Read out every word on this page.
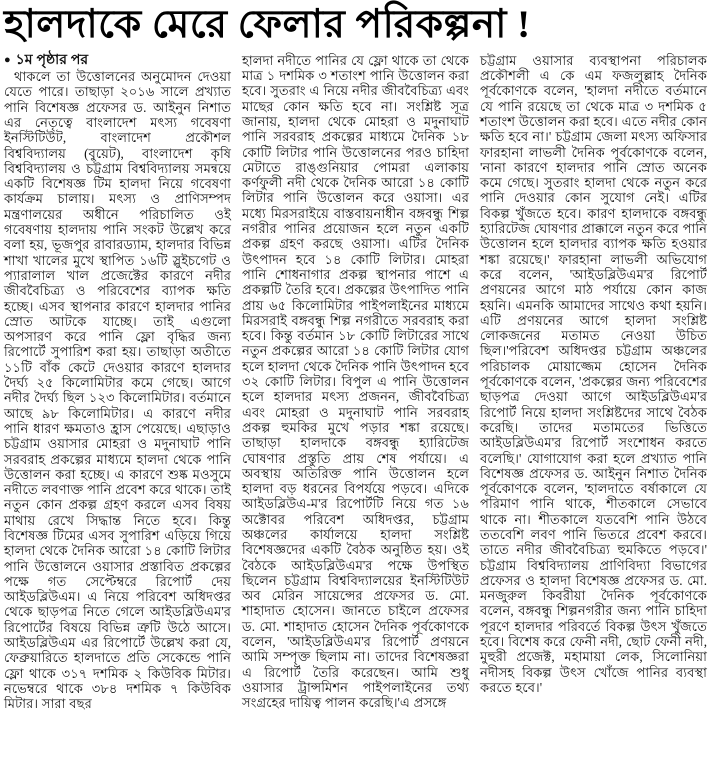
হালদাকে মেরে ফেলার পরিকল্পনা !
● ১ম পৃষ্ঠার পর

থাকলে তা উত্তোলনের অনুমোদন দেওয়া যেতে পারে। তাছাড়া ২০১৬ সালে প্রখ্যাত পানি বিশেষজ্ঞ প্রফেসর ড. আইনুন নিশাত এর নেতৃত্বে বাংলাদেশ মৎস্য গবেষণা ইনস্টিটিউট, বাংলাদেশ প্রকৌশল বিশ্ববিদ্যালয় (বুয়েট), বাংলাদেশ কৃষি বিশ্ববিদ্যালয় ও চট্টগ্রাম বিশ্ববিদ্যালয় সমন্বয়ে একটি বিশেষজ্ঞ টিম হালদা নিয়ে গবেষণা কার্যক্রম চালায়। মৎস্য ও প্রাণিসম্পদ মন্ত্রণালয়ের অধীনে পরিচালিত ওই গবেষণায় হালদায় পানি সংকট উল্লেখ করে বলা হয়, ভূজপুর রাবারড্যাম, হালদার বিভিন্ন শাখা খালের মুখে স্থাপিত ১৬টি স্লুইচগেট ও প্যারালাল খাল প্রজেক্টের কারণে নদীর জীববৈচিত্র্য ও পরিবেশের ব্যাপক ক্ষতি হচ্ছে। এসব স্থাপনার কারণে হালদার পানির স্রোত আটকে যাচ্ছে। তাই এগুলো অপসারণ করে পানি ফ্লো বৃদ্ধির জন্য রিপোর্টে সুপারিশ করা হয়। তাছাড়া অতীতে ১১টি বাঁক কেটে দেওয়ার কারণে হালদার দৈর্ঘ্য ২৫ কিলোমিটার কমে গেছে। আগে নদীর দৈর্ঘ্য ছিল ১২৩ কিলোমিটার। বর্তমানে আছে ৯৮ কিলোমিটার। এ কারণে নদীর পানি ধারণ ক্ষমতাও হ্রাস পেয়েছে। এছাড়াও চট্টগ্রাম ওয়াসার মোহরা ও মদুনাঘাট পানি সরবরাহ প্রকল্পের মাধ্যমে হালদা থেকে পানি উত্তোলন করা হচ্ছে। এ কারণে শুষ্ক মওসুমে নদীতে লবণাক্ত পানি প্রবেশ করে থাকে। তাই নতুন কোন প্রকল্প গ্রহণ করলে এসব বিষয় মাথায় রেখে সিদ্ধান্ত নিতে হবে। কিন্তু বিশেষজ্ঞ টিমের এসব সুপারিশ এড়িয়ে গিয়ে হালদা থেকে দৈনিক আরো ১৪ কোটি লিটার পানি উত্তোলনে ওয়াসার প্রস্তাবিত প্রকল্পের পক্ষে গত সেপ্টেম্বরে রিপোর্ট দেয় আইডব্লিউএম। এ নিয়ে পরিবেশ অধিদপ্তর থেকে ছাড়পত্র নিতে গেলে আইডব্লিউএম'র রিপোর্টের বিষয়ে বিভিন্ন ত্রুটি উঠে আসে। আইডব্লিউএম এর রিপোর্টে উল্লেখ করা যে, ফেব্রুয়ারিতে হালদাতে প্রতি সেকেন্ডে পানি ফ্লো থাকে ৩১৭ দশমিক ২ কিউবিক মিটার। নভেম্বরে থাকে ৩৮৪ দশমিক ৭ কিউবিক মিটার। সারা বছর

হালদা নদীতে পানির যে ফ্লো থাকে তা থেকে মাত্র ১ দশমিক ৩ শতাংশ পানি উত্তোলন করা হবে। সুতরাং এ নিয়ে নদীর জীববৈচিত্র্য এবং মাছের কোন ক্ষতি হবে না। সংশ্লিষ্ট সূত্র জানায়, হালদা থেকে মোহরা ও মদুনাঘাট পানি সরবরাহ প্রকল্পের মাধ্যমে দৈনিক ১৮ কোটি লিটার পানি উত্তোলনের পরও চাহিদা মেটাতে রাঙ্গুনিয়ার পোমরা এলাকায় কর্ণফুলী নদী থেকে দৈনিক আরো ১৪ কোটি লিটার পানি উত্তোলন করে ওয়াসা। এর মধ্যে মিরসরাইয়ে বাস্তবায়নাধীন বঙ্গবন্ধু শিল্প নগরীর পানির প্রয়োজন হলে নতুন একটি প্রকল্প গ্রহণ করছে ওয়াসা। এটির দৈনিক উৎপাদন হবে ১৪ কোটি লিটার। মোহরা পানি শোধনাগার প্রকল্প স্থাপনার পাশে এ প্রকল্পটি তৈরি হবে। প্রকল্পের উৎপাদিত পানি প্রায় ৬৫ কিলোমিটার পাইপলাইনের মাধ্যমে মিরসরাই বঙ্গবন্ধু শিল্প নগরীতে সরবরাহ করা হবে। কিন্তু বর্তমান ১৮ কোটি লিটারের সাথে নতুন প্রকল্পের আরো ১৪ কোটি লিটার যোগ হলে হালদা থেকে দৈনিক পানি উৎপাদন হবে ৩২ কোটি লিটার। বিপুল এ পানি উত্তোলন হলে হালদার মৎস্য প্রজনন, জীববৈচিত্র্য এবং মোহরা ও মদুনাঘাট পানি সরবরাহ প্রকল্প হুমকির মুখে পড়ার শঙ্কা রয়েছে। তাছাড়া হালদাকে বঙ্গবন্ধু হ্যারিটেজ ঘোষণার প্রস্তুতি প্রায় শেষ পর্যায়ে। এ অবস্থায় অতিরিক্ত পানি উত্তোলন হলে হালদা বড় ধরনের বিপর্যয়ে পড়বে। এদিকে আইডব্লিউএ-ম'র রিপোর্টটি নিয়ে গত ১৬ অক্টোবর পরিবেশ অধিদপ্তর, চট্টগ্রাম অঞ্চলের কার্যালয়ে হালদা সংশ্লিষ্ট বিশেষজ্ঞদের একটি বৈঠক অনুষ্ঠিত হয়। ওই বৈঠকে আইডব্লিউএম'র পক্ষে উপস্থিত ছিলেন চট্টগ্রাম বিশ্ববিদ্যালয়ের ইনস্টিটিউট অব মেরিন সায়েন্সের প্রফেসর ড. মো. শাহাদাত হোসেন। জানতে চাইলে প্রফেসর ড. মো. শাহাদাত হোসেন দৈনিক পূর্বকোণকে বলেন, 'আইডব্লিউএম'র রিপোর্ট প্রণয়নে আমি সম্পৃক্ত ছিলাম না। তাদের বিশেষজ্ঞরা এ রিপোর্ট তৈরি করেছেন। আমি শুধু ওয়াসার ট্রান্সমিশন পাইপলাইনের তথ্য সংগ্রহের দায়িত্ব পালন করেছি।'এ প্রসঙ্গে

চট্টগ্রাম ওয়াসার ব্যবস্থাপনা পরিচালক প্রকৌশলী এ কে এম ফজলুল্লাহ দৈনিক পূর্বকোণকে বলেন, 'হালদা নদীতে বর্তমানে যে পানি রয়েছে তা থেকে মাত্র ৩ দশমিক ৫ শতাংশ উত্তোলন করা হবে। এতে নদীর কোন ক্ষতি হবে না।' চট্টগ্রাম জেলা মৎস্য অফিসার ফারহানা লাভলী দৈনিক পূর্বকোণকে বলেন, 'নানা কারণে হালদার পানি স্রোত অনেক কমে গেছে। সুতরাং হালদা থেকে নতুন করে পানি দেওয়ার কোন সুযোগ নেই। এটির বিকল্প খুঁজতে হবে। কারণ হালদাকে বঙ্গবন্ধু হ্যারিটেজ ঘোষণার প্রাক্কালে নতুন করে পানি উত্তোলন হলে হালদার ব্যাপক ক্ষতি হওয়ার শঙ্কা রয়েছে।' ফারহানা লাভলী অভিযোগ করে বলেন, 'আইডব্লিউএম'র রিপোর্ট প্রণয়নের আগে মাঠ পর্যায়ে কোন কাজ হয়নি। এমনকি আমাদের সাথেও কথা হয়নি। এটি প্রণয়নের আগে হালদা সংশ্লিষ্ট লোকজনের মতামত নেওয়া উচিত ছিল।'পরিবেশ অধিদপ্তর চট্টগ্রাম অঞ্চলের পরিচালক মোয়াজ্জেম হোসেন দৈনিক পূর্বকোণকে বলেন, 'প্রকল্পের জন্য পরিবেশের ছাড়পত্র দেওয়া আগে আইডব্লিউএম'র রিপোর্ট নিয়ে হালদা সংশ্লিষ্টদের সাথে বৈঠক করেছি। তাদের মতামতের ভিত্তিতে আইডব্লিউএম'র রিপোর্ট সংশোধন করতে বলেছি।' যোগাযোগ করা হলে প্রখ্যাত পানি বিশেষজ্ঞ প্রফেসর ড. আইনুন নিশাত দৈনিক পূর্বকোণকে বলেন, 'হালদাতে বর্ষাকালে যে পরিমাণ পানি থাকে, শীতকালে সেভাবে থাকে না। শীতকালে যতবেশি পানি উঠবে ততবেশি লবণ পানি ভিতরে প্রবেশ করবে। তাতে নদীর জীববৈচিত্র্য হুমকিতে পড়বে।' চট্টগ্রাম বিশ্ববিদ্যালয় প্রাণিবিদ্যা বিভাগের প্রফেসর ও হালদা বিশেষজ্ঞ প্রফেসর ড. মো. মনজুরুল কিবরীয়া দৈনিক পূর্বকোণকে বলেন, বঙ্গবন্ধু শিল্পনগরীর জন্য পানি চাহিদা পূরণে হালদার পরিবর্তে বিকল্প উৎস খুঁজতে হবে। বিশেষ করে ফেনী নদী, ছোট ফেনী নদী, মুহুরী প্রজেক্ট, মহামায়া লেক, সিলোনিয়া নদীসহ বিকল্প উৎস খোঁজে পানির ব্যবস্থা করতে হবে।'
